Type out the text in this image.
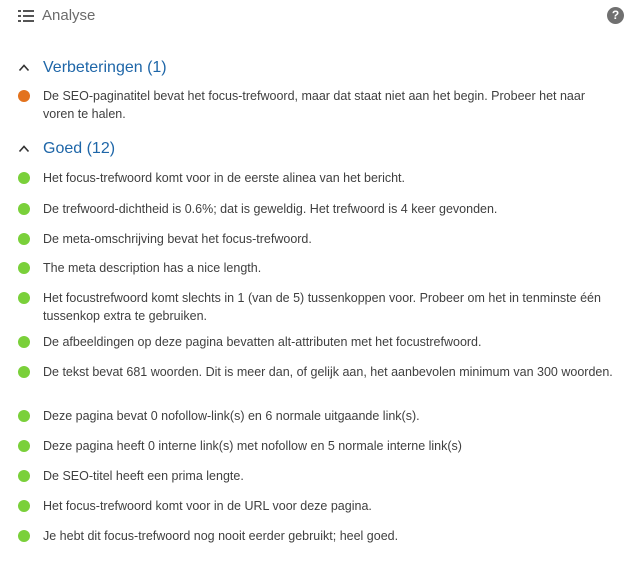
Analyse	?
Verbeteringen (1)
De SEO-paginatitel bevat het focus-trefwoord, maar dat staat niet aan het begin. Probeer het naar voren te halen.
Goed (12)
Het focus-trefwoord komt voor in de eerste alinea van het bericht.
De trefwoord-dichtheid is 0.6%; dat is geweldig. Het trefwoord is 4 keer gevonden.
De meta-omschrijving bevat het focus-trefwoord.
The meta description has a nice length.
Het focustrefwoord komt slechts in 1 (van de 5) tussenkoppen voor. Probeer om het in tenminste één tussenkop extra te gebruiken.
De afbeeldingen op deze pagina bevatten alt-attributen met het focustrefwoord.
De tekst bevat 681 woorden. Dit is meer dan, of gelijk aan, het aanbevolen minimum van 300 woorden.
Deze pagina bevat 0 nofollow-link(s) en 6 normale uitgaande link(s).
Deze pagina heeft 0 interne link(s) met nofollow en 5 normale interne link(s)
De SEO-titel heeft een prima lengte.
Het focus-trefwoord komt voor in de URL voor deze pagina.
Je hebt dit focus-trefwoord nog nooit eerder gebruikt; heel goed.
